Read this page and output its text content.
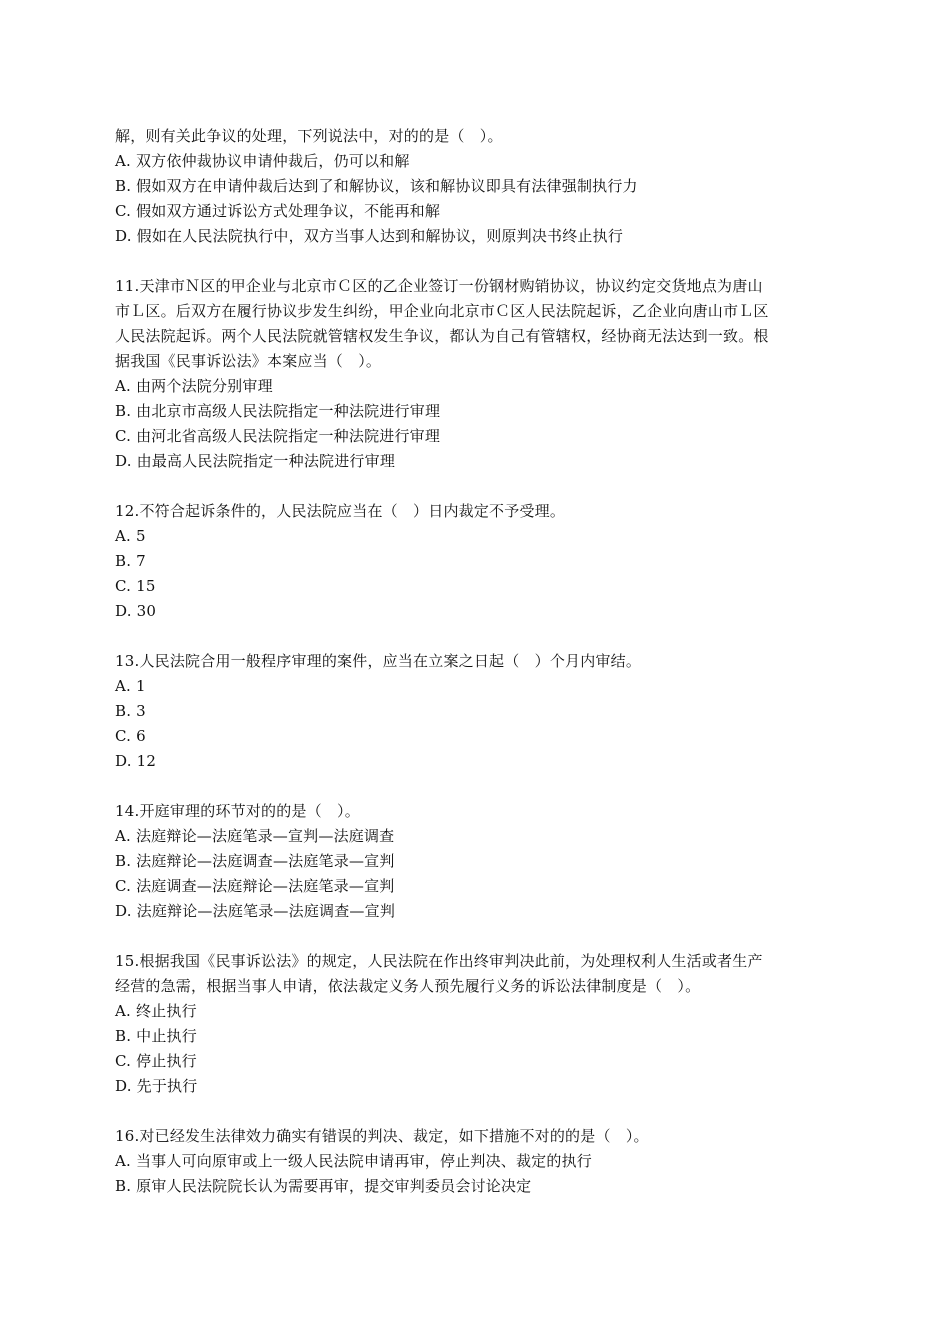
解，则有关此争议的处理，下列说法中，对的的是（　）。
A. 双方依仲裁协议申请仲裁后，仍可以和解
B. 假如双方在申请仲裁后达到了和解协议，该和解协议即具有法律强制执行力
C. 假如双方通过诉讼方式处理争议，不能再和解
D. 假如在人民法院执行中，双方当事人达到和解协议，则原判决书终止执行
11.天津市Ｎ区的甲企业与北京市Ｃ区的乙企业签订一份钢材购销协议，协议约定交货地点为唐山
市Ｌ区。后双方在履行协议步发生纠纷，甲企业向北京市Ｃ区人民法院起诉，乙企业向唐山市Ｌ区
人民法院起诉。两个人民法院就管辖权发生争议，都认为自己有管辖权，经协商无法达到一致。根
据我国《民事诉讼法》本案应当（　）。
A. 由两个法院分别审理
B. 由北京市高级人民法院指定一种法院进行审理
C. 由河北省高级人民法院指定一种法院进行审理
D. 由最高人民法院指定一种法院进行审理
12.不符合起诉条件的，人民法院应当在（　）日内裁定不予受理。
A. 5
B. 7
C. 15
D. 30
13.人民法院合用一般程序审理的案件，应当在立案之日起（　）个月内审结。
A. 1
B. 3
C. 6
D. 12
14.开庭审理的环节对的的是（　）。
A. 法庭辩论—法庭笔录—宣判—法庭调查
B. 法庭辩论—法庭调查—法庭笔录—宣判
C. 法庭调查—法庭辩论—法庭笔录—宣判
D. 法庭辩论—法庭笔录—法庭调查—宣判
15.根据我国《民事诉讼法》的规定，人民法院在作出终审判决此前，为处理权利人生活或者生产
经营的急需，根据当事人申请，依法裁定义务人预先履行义务的诉讼法律制度是（　）。
A. 终止执行
B. 中止执行
C. 停止执行
D. 先于执行
16.对已经发生法律效力确实有错误的判决、裁定，如下措施不对的的是（　）。
A. 当事人可向原审或上一级人民法院申请再审，停止判决、裁定的执行
B. 原审人民法院院长认为需要再审，提交审判委员会讨论决定
